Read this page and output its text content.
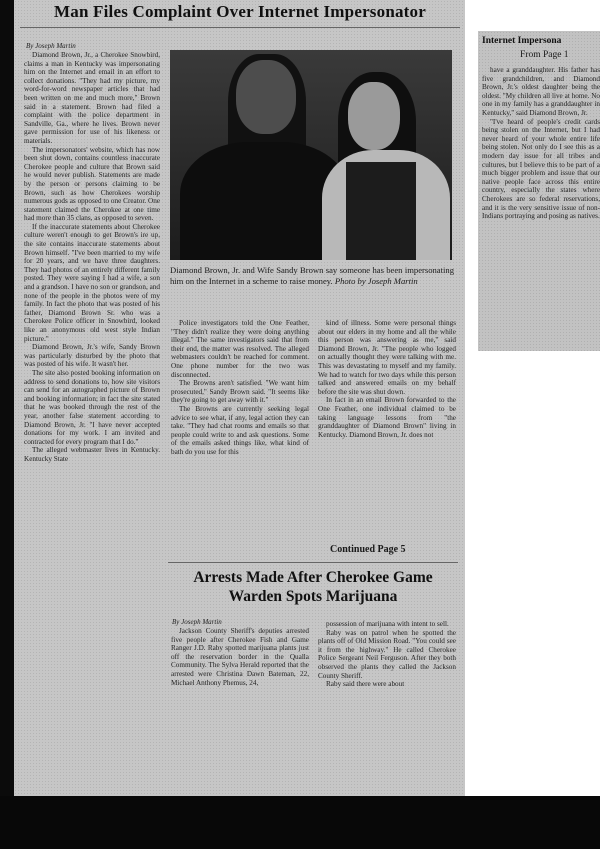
Man Files Complaint Over Internet Impersonator
By Joseph Martin

Diamond Brown, Jr., a Cherokee Snowbird, claims a man in Kentucky was impersonating him on the Internet and email in an effort to collect donations. "They had my picture, my word-for-word newspaper articles that had been written on me and much more," Brown said in a statement. Brown had filed a complaint with the police department in Sandville, Ga., where he lives. Brown never gave permission for use of his likeness or materials.

The impersonators' website, which has now been shut down, contains countless inaccurate Cherokee people and culture that Brown said he would never publish. Statements are made by the person or persons claiming to be Brown, such as how Cherokees worship numerous gods as opposed to one Creator. One statement claimed the Cherokee at one time had more than 35 clans, as opposed to seven.

If the inaccurate statements about Cherokee culture weren't enough to get Brown's ire up, the site contains inaccurate statements about Brown himself. "I've been married to my wife for 20 years, and we have three daughters. They had photos of an entirely different family posted. They were saying I had a wife, a son and a grandson. I have no son or grandson, and none of the people in the photos were of my family. In fact the photo that was posted of his father, Diamond Brown Sr. who was a Cherokee Police officer in Snowbird, looked like an anonymous old west style Indian picture."

Diamond Brown, Jr.'s wife, Sandy Brown was particularly disturbed by the photo that was posted of his wife. It wasn't her.

The site also posted booking information on address to send donations to, how site visitors can send for an autographed picture of Brown and booking information; in fact the site stated that he was booked through the rest of the year, another false statement according to Diamond Brown, Jr. "I have never accepted donations for my work. I am invited and contracted for every program that I do."

The alleged webmaster lives in Kentucky. Kentucky State

Diamond Brown, Jr. and Wife Sandy Brown say someone has been impersonating him on the Internet in a scheme to raise money. Photo by Joseph Martin

Police investigators told the One Feather, "They didn't realize they were doing anything illegal." The same investigators said that from their end, the matter was resolved. The alleged webmasters couldn't be reached for comment. One phone number for the two was disconnected.

The Browns aren't satisfied. "We want him prosecuted," Sandy Brown said. "It seems like they're going to get away with it."

The Browns are currently seeking legal advice to see what, if any, legal action they can take. "They had chat rooms and emails so that people could write to and ask questions. Some of the emails asked things like, what kind of bath do you use for this

kind of illness. Some were personal things about our elders in my home and all the while this person was answering as me," said Diamond Brown, Jr. "The people who logged on actually thought they were talking with me. This was devastating to myself and my family. We had to watch for two days while this person talked and answered emails on my behalf before the site was shut down.

In fact in an email Brown forwarded to the One Feather, one individual claimed to be taking language lessons from "the granddaughter of Diamond Brown" living in Kentucky. Diamond Brown, Jr. does not

Continued Page 5
Arrests Made After Cherokee Game Warden Spots Marijuana
By Joseph Martin

Jackson County Sheriff's deputies arrested five people after Cherokee Fish and Game Ranger J.D. Raby spotted marijuana plants just off the reservation border in the Qualla Community. The Sylva Herald reported that the arrested were Christina Dawn Bateman, 22, Michael Anthony Phemus, 24,

possession of marijuana with intent to sell.

Raby was on patrol when he spotted the plants off of Old Mission Road. "You could see it from the highway." He called Cherokee Police Sergeant Neil Ferguson. After they both observed the plants they called the Jackson County Sheriff.

Raby said there were about

Internet Impersona
From Page 1

have a granddaughter. His father has five grandchildren, and Diamond Brown, Jr.'s oldest daughter being the oldest. "My children all live at home. No one in my family has a granddaughter in Kentucky," said Diamond Brown, Jr.

"I've heard of people's credit cards being stolen on the Internet, but I had never heard of your whole entire life being stolen. Not only do I see this as a modern day issue for all tribes and cultures, but I believe this to be part of a much bigger problem and issue that our native people face across this entire country, especially the states where Cherokees are so federal reservations, and it is the very sensitive issue of non-Indians portraying and posing as natives.
